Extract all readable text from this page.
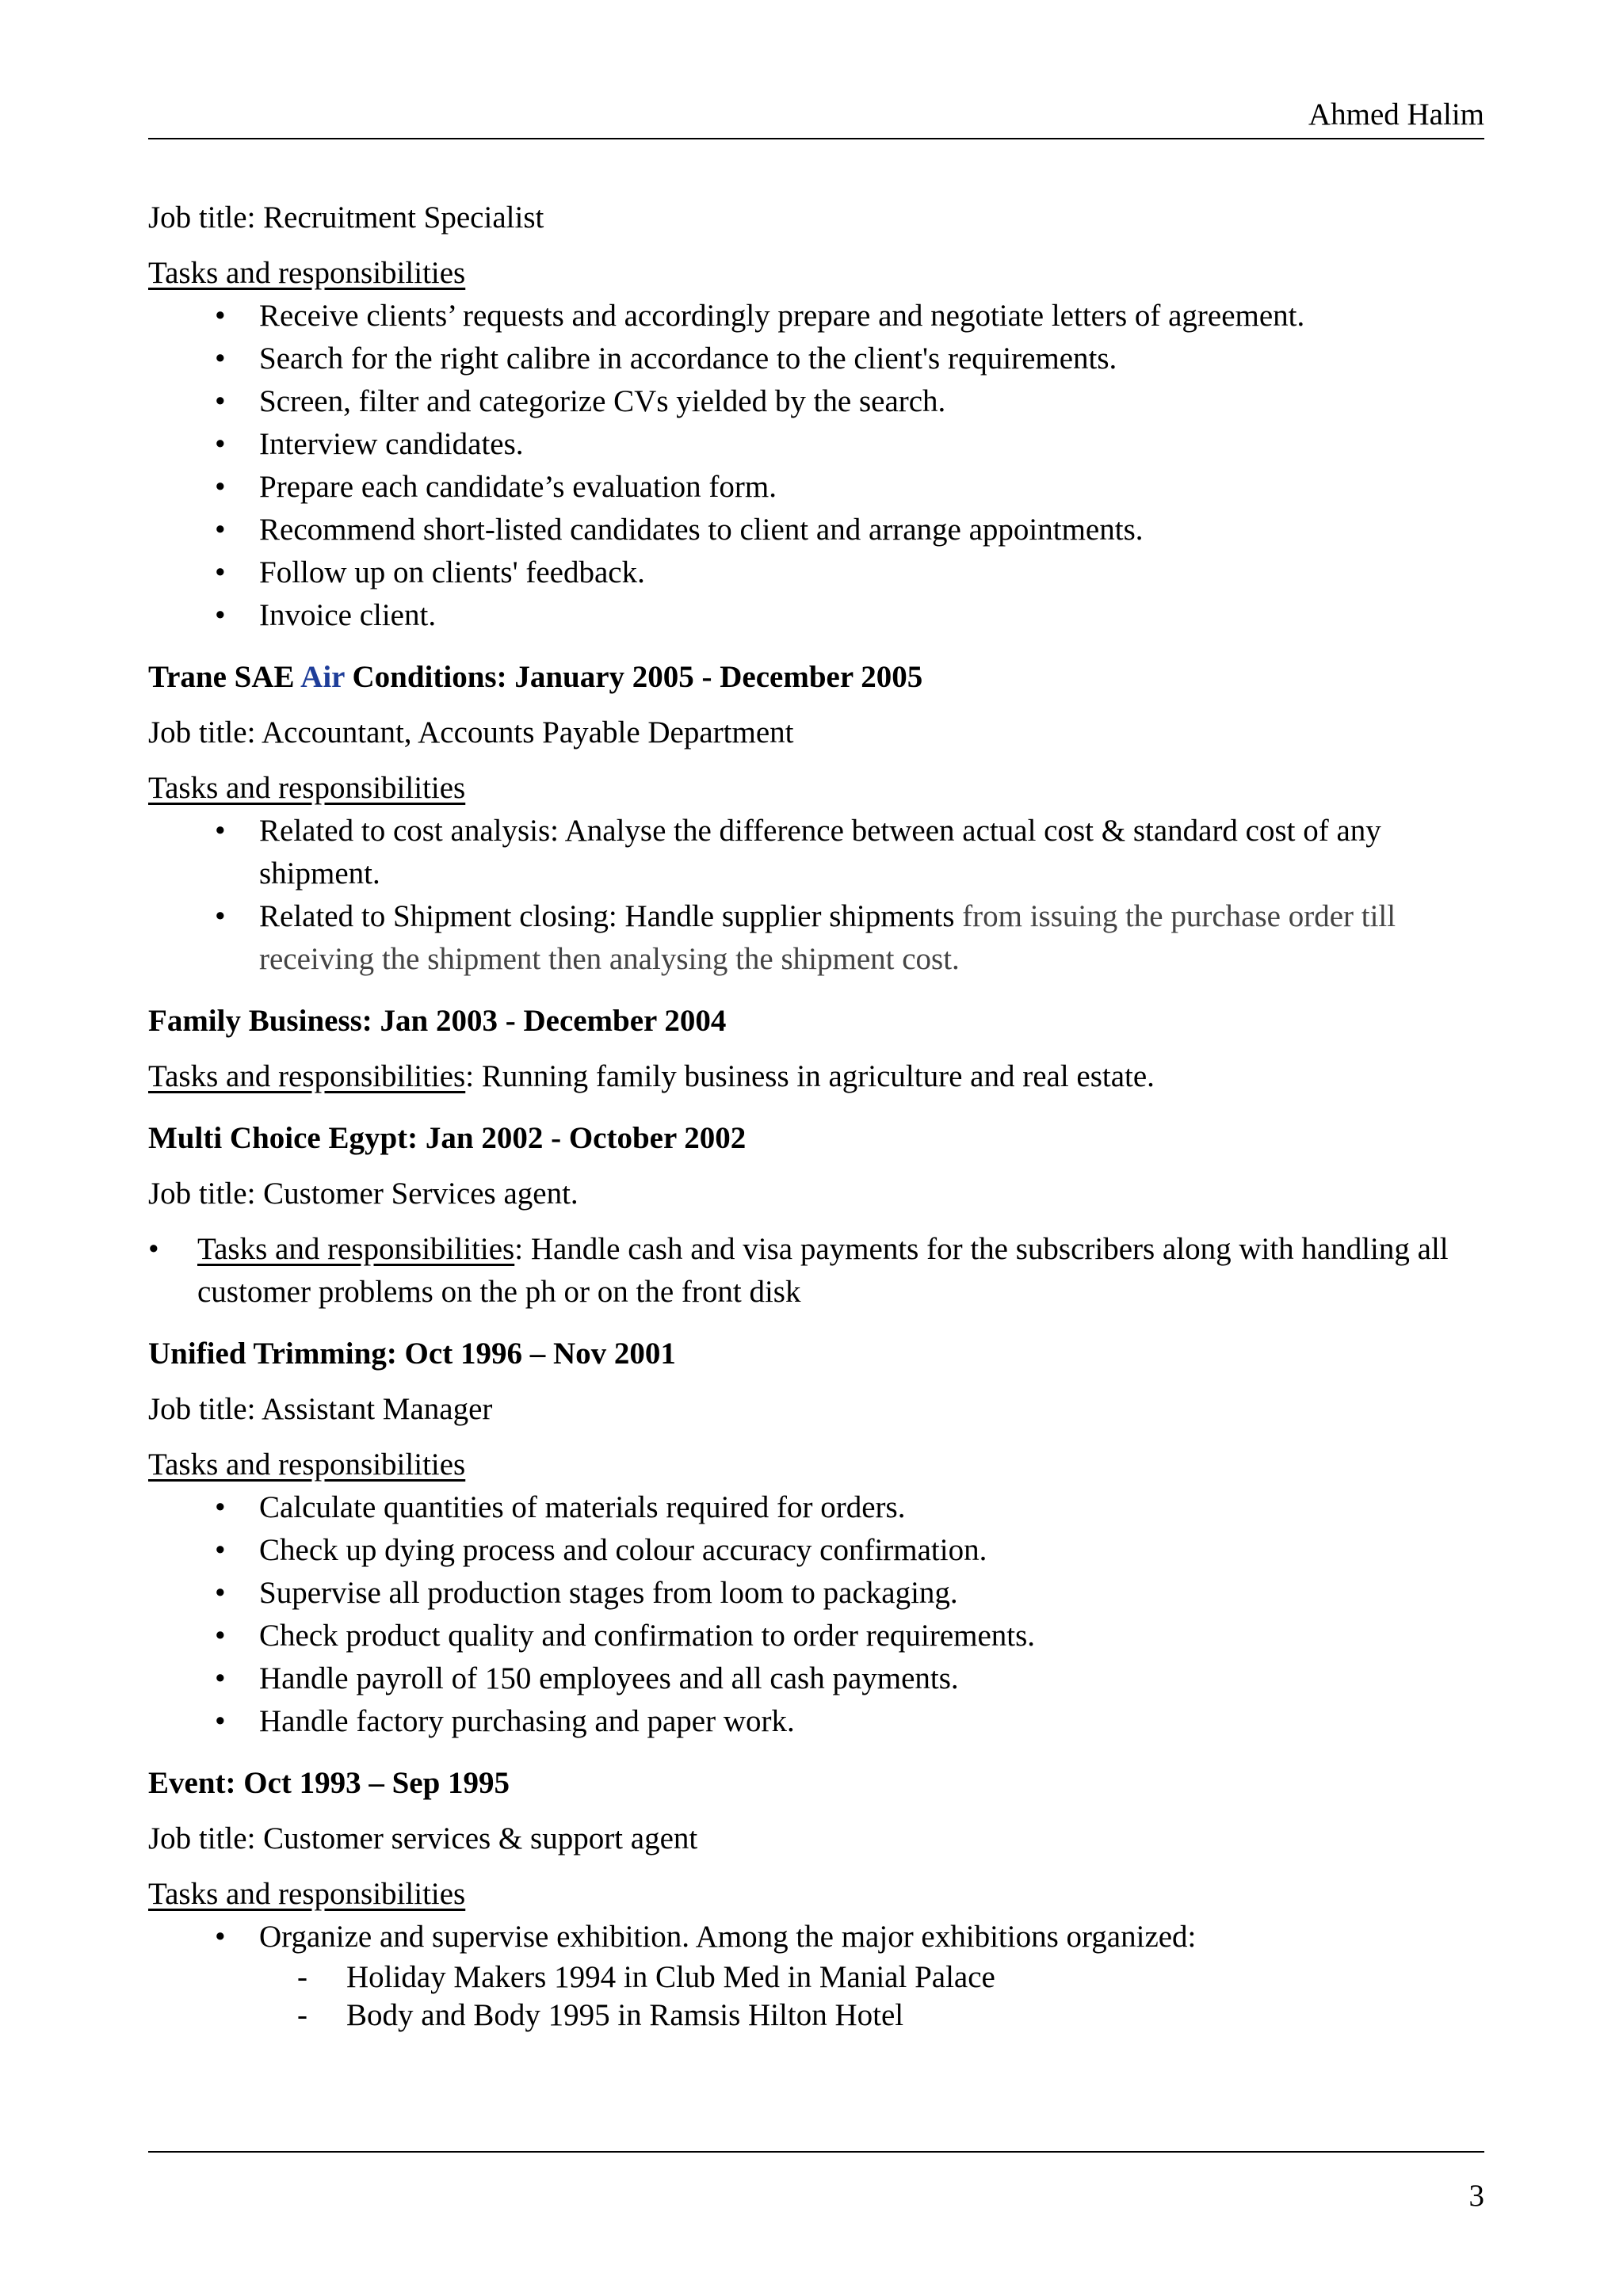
Ahmed Halim

Job title: Recruitment Specialist

Tasks and responsibilities

• Receive clients’ requests and accordingly prepare and negotiate letters of agreement.
• Search for the right calibre in accordance to the client's requirements.
• Screen, filter and categorize CVs yielded by the search.
• Interview candidates.
• Prepare each candidate’s evaluation form.
• Recommend short-listed candidates to client and arrange appointments.
• Follow up on clients' feedback.
• Invoice client.

Trane SAE Air Conditions: January 2005 - December 2005

Job title: Accountant, Accounts Payable Department

Tasks and responsibilities

• Related to cost analysis: Analyse the difference between actual cost & standard cost of any shipment.
• Related to Shipment closing: Handle supplier shipments from issuing the purchase order till receiving the shipment then analysing the shipment cost.

Family Business: Jan 2003 - December 2004

Tasks and responsibilities: Running family business in agriculture and real estate.

Multi Choice Egypt: Jan 2002 - October 2002

Job title: Customer Services agent.

• Tasks and responsibilities: Handle cash and visa payments for the subscribers along with handling all customer problems on the ph or on the front disk

Unified Trimming: Oct 1996 – Nov 2001

Job title: Assistant Manager

Tasks and responsibilities

• Calculate quantities of materials required for orders.
• Check up dying process and colour accuracy confirmation.
• Supervise all production stages from loom to packaging.
• Check product quality and confirmation to order requirements.
• Handle payroll of 150 employees and all cash payments.
• Handle factory purchasing and paper work.

Event: Oct 1993 – Sep 1995

Job title: Customer services & support agent

Tasks and responsibilities

• Organize and supervise exhibition. Among the major exhibitions organized:
- Holiday Makers 1994 in Club Med in Manial Palace
- Body and Body 1995 in Ramsis Hilton Hotel
3
